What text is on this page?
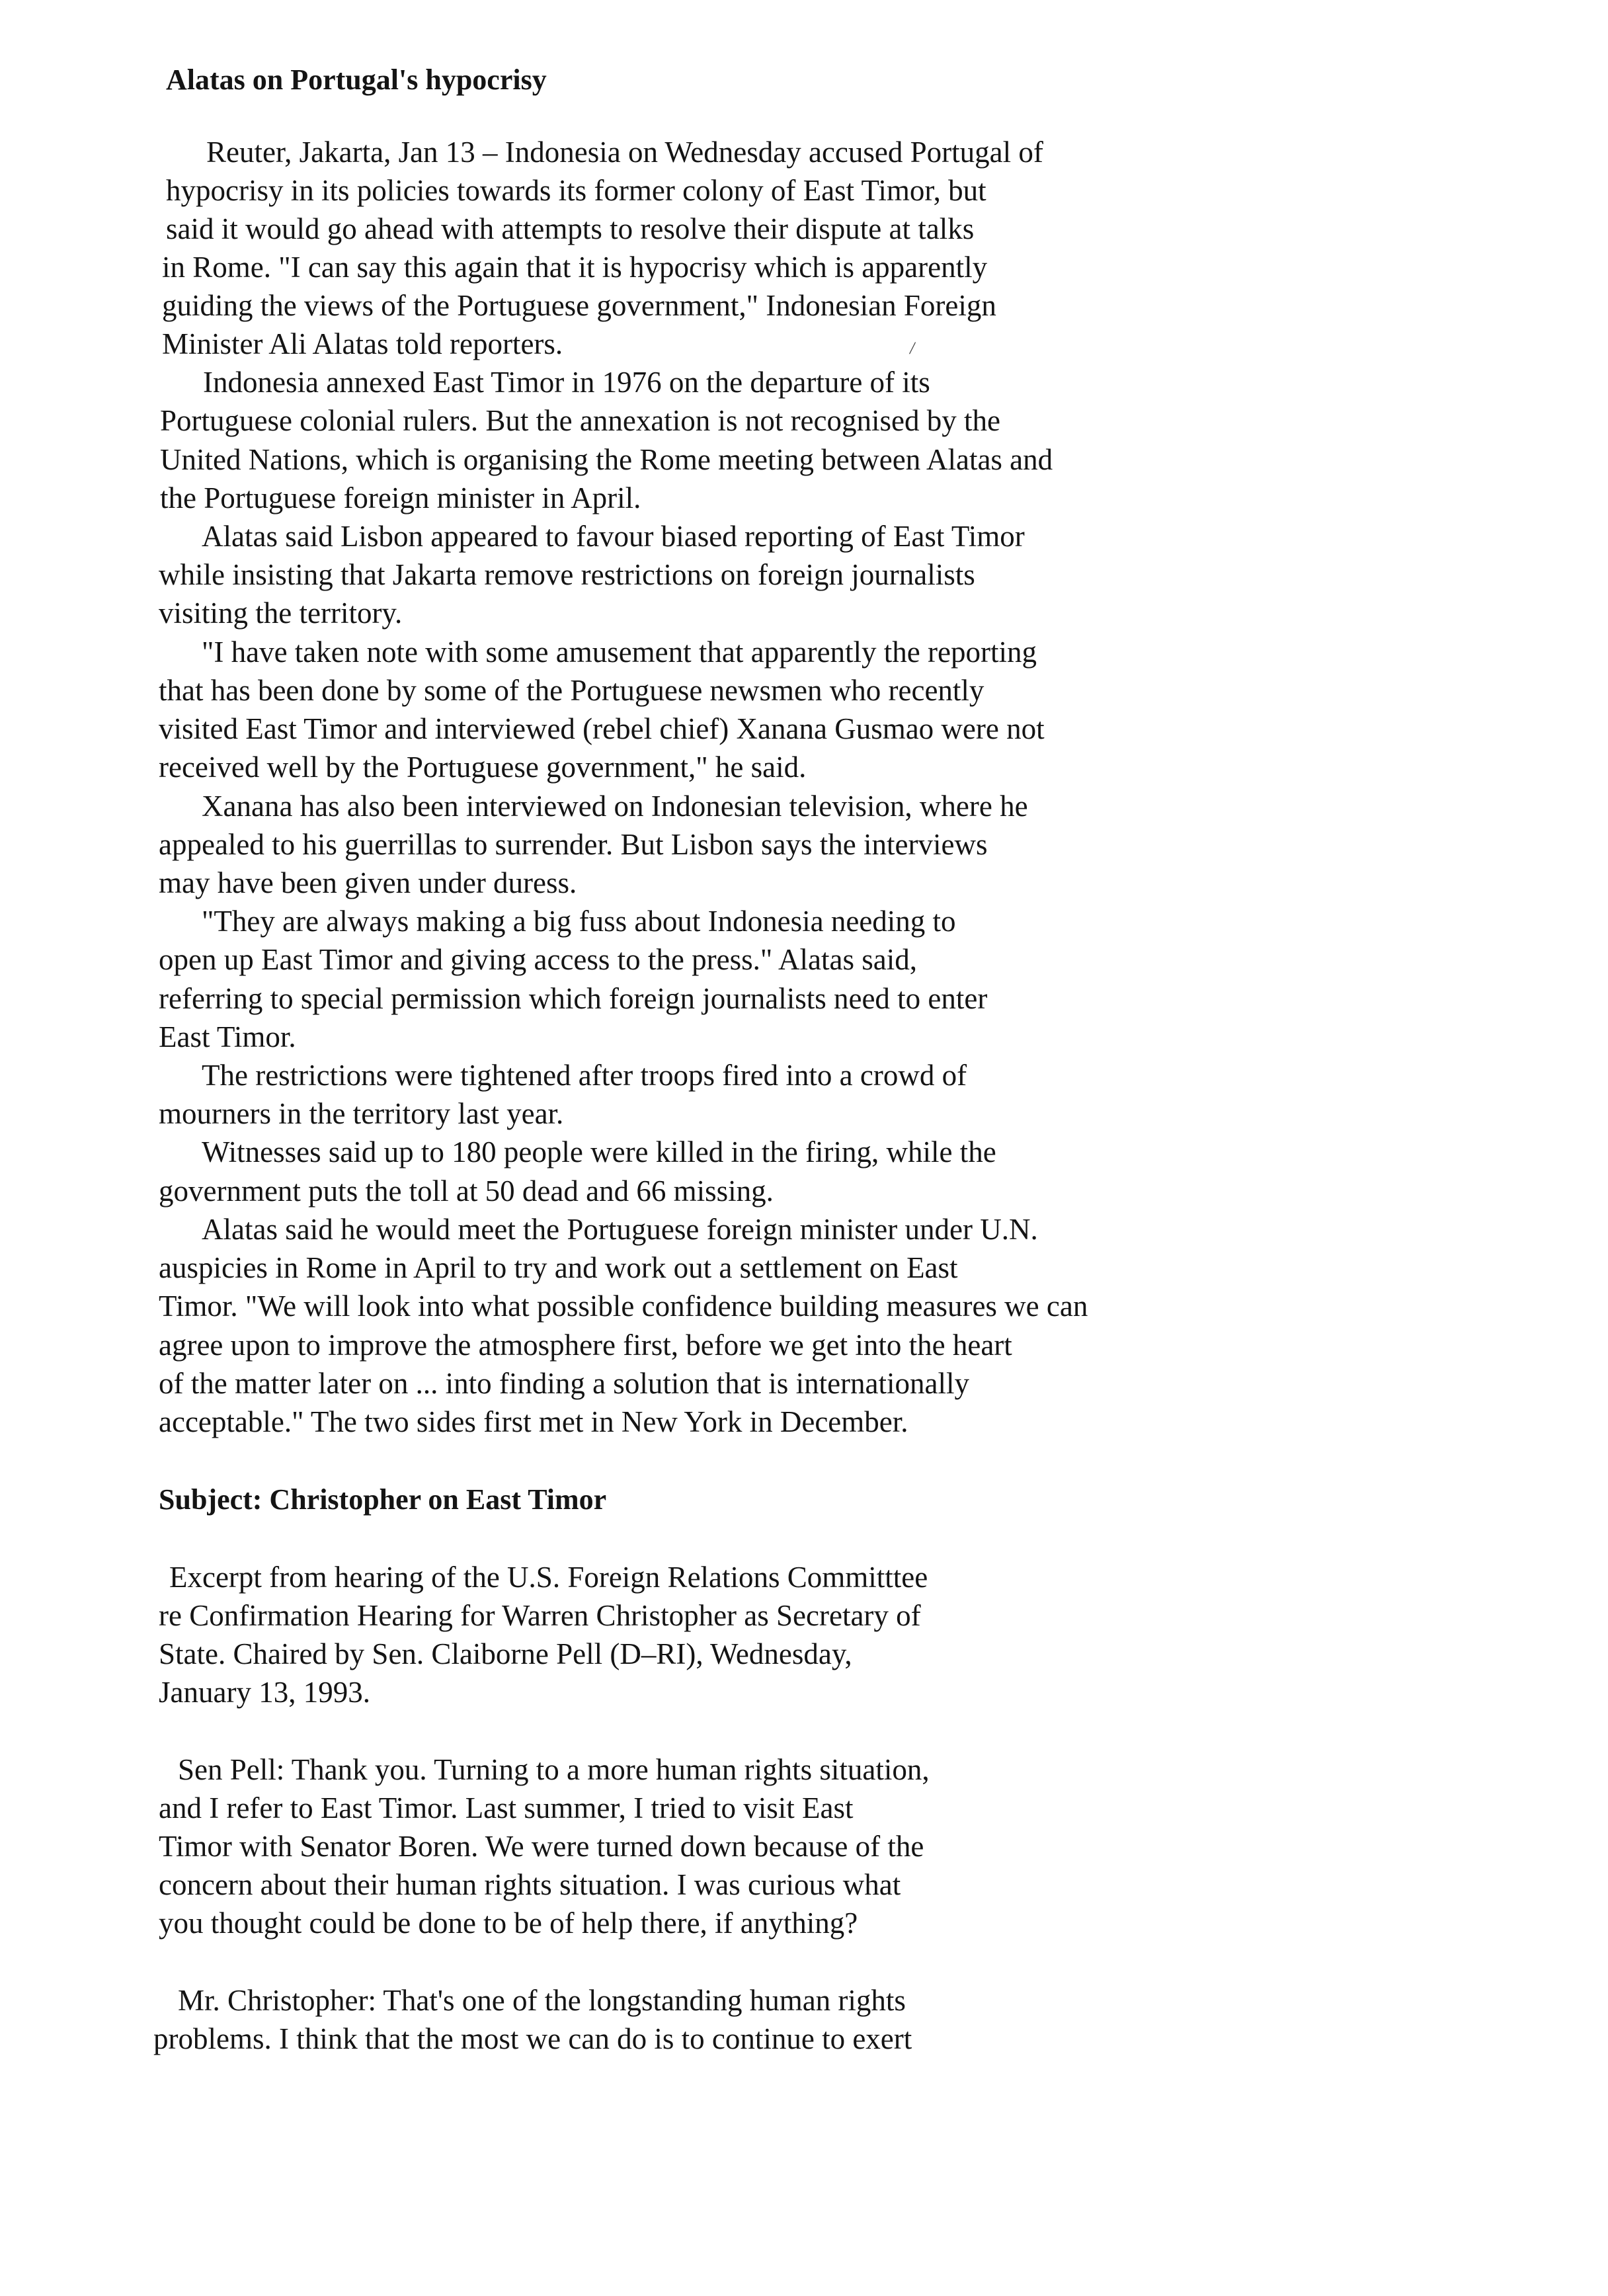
Alatas on Portugal's hypocrisy

Reuter, Jakarta, Jan 13 – Indonesia on Wednesday accused Portugal of

hypocrisy in its policies towards its former colony of East Timor, but

said it would go ahead with attempts to resolve their dispute at talks

in Rome. "I can say this again that it is hypocrisy which is apparently

guiding the views of the Portuguese government," Indonesian Foreign

Minister Ali Alatas told reporters.

Indonesia annexed East Timor in 1976 on the departure of its

Portuguese colonial rulers. But the annexation is not recognised by the

United Nations, which is organising the Rome meeting between Alatas and

the Portuguese foreign minister in April.

Alatas said Lisbon appeared to favour biased reporting of East Timor

while insisting that Jakarta remove restrictions on foreign journalists

visiting the territory.

"I have taken note with some amusement that apparently the reporting

that has been done by some of the Portuguese newsmen who recently

visited East Timor and interviewed (rebel chief) Xanana Gusmao were not

received well by the Portuguese government," he said.

Xanana has also been interviewed on Indonesian television, where he

appealed to his guerrillas to surrender. But Lisbon says the interviews

may have been given under duress.

"They are always making a big fuss about Indonesia needing to

open up East Timor and giving access to the press." Alatas said,

referring to special permission which foreign journalists need to enter

East Timor.

The restrictions were tightened after troops fired into a crowd of

mourners in the territory last year.

Witnesses said up to 180 people were killed in the firing, while the

government puts the toll at 50 dead and 66 missing.

Alatas said he would meet the Portuguese foreign minister under U.N.

auspicies in Rome in April to try and work out a settlement on East

Timor. "We will look into what possible confidence building measures we can

agree upon to improve the atmosphere first, before we get into the heart

of the matter later on ... into finding a solution that is internationally

acceptable." The two sides first met in New York in December.

Subject: Christopher on East Timor

Excerpt from hearing of the U.S. Foreign Relations Committtee

re Confirmation Hearing for Warren Christopher as Secretary of

State. Chaired by Sen. Claiborne Pell (D–RI), Wednesday,

January 13, 1993.

Sen Pell: Thank you. Turning to a more human rights situation,

and I refer to East Timor. Last summer, I tried to visit East

Timor with Senator Boren. We were turned down because of the

concern about their human rights situation. I was curious what

you thought could be done to be of help there, if anything?

Mr. Christopher: That's one of the longstanding human rights

problems. I think that the most we can do is to continue to exert

/
